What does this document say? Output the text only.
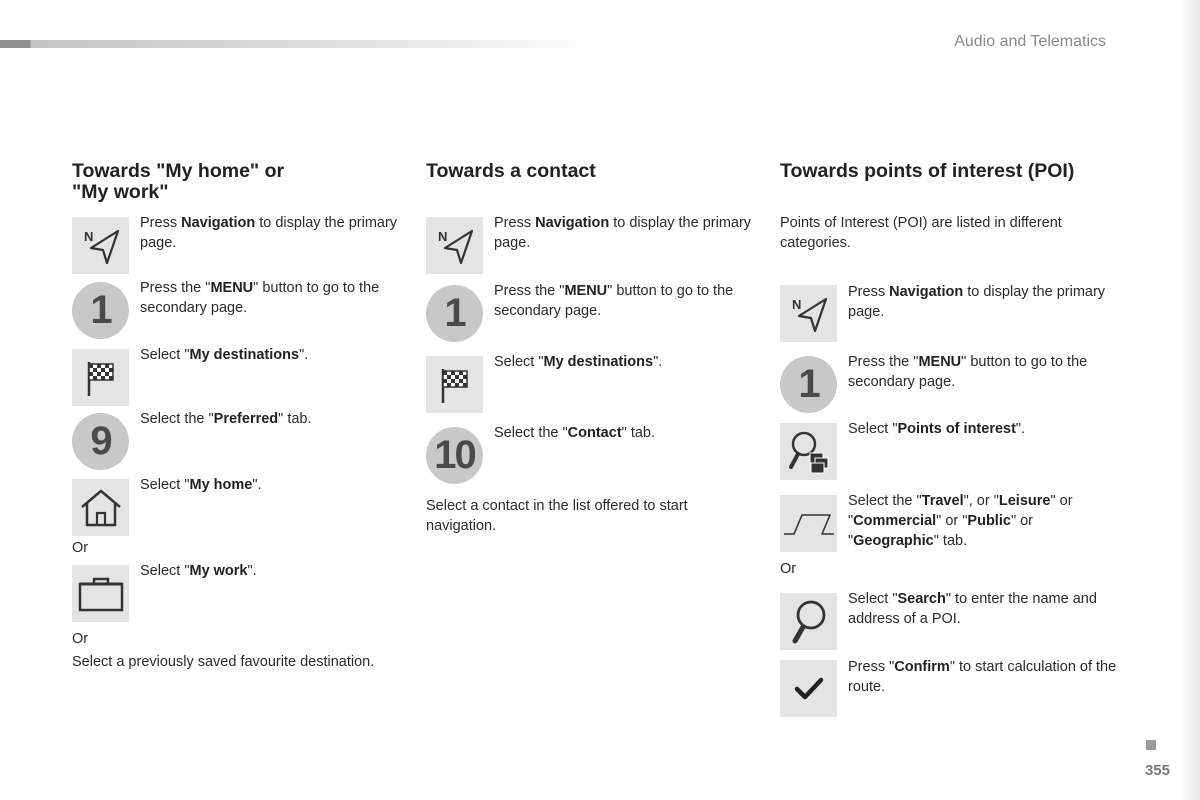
Audio and Telematics
Towards "My home" or
"My work"
N
Press Navigation to display the primary page.
1	Press the "MENU" button to go to the secondary page.
Select "My destinations".
9	Select the "Preferred" tab.
Select "My home".
Or
Select "My work".
Or
Select a previously saved favourite destination.
Towards a contact
N
Press Navigation to display the primary page.
1	Press the "MENU" button to go to the secondary page.
Select "My destinations".
10	Select the "Contact" tab.
Select a contact in the list offered to start navigation.
Towards points of interest (POI)
Points of Interest (POI) are listed in different categories.
N
Press Navigation to display the primary page.
1	Press the "MENU" button to go to the secondary page.
Select "Points of interest".
Select the "Travel", or "Leisure" or "Commercial" or "Public" or "Geographic" tab.
Or
Select "Search" to enter the name and address of a POI.
Press "Confirm" to start calculation of the route.
355
